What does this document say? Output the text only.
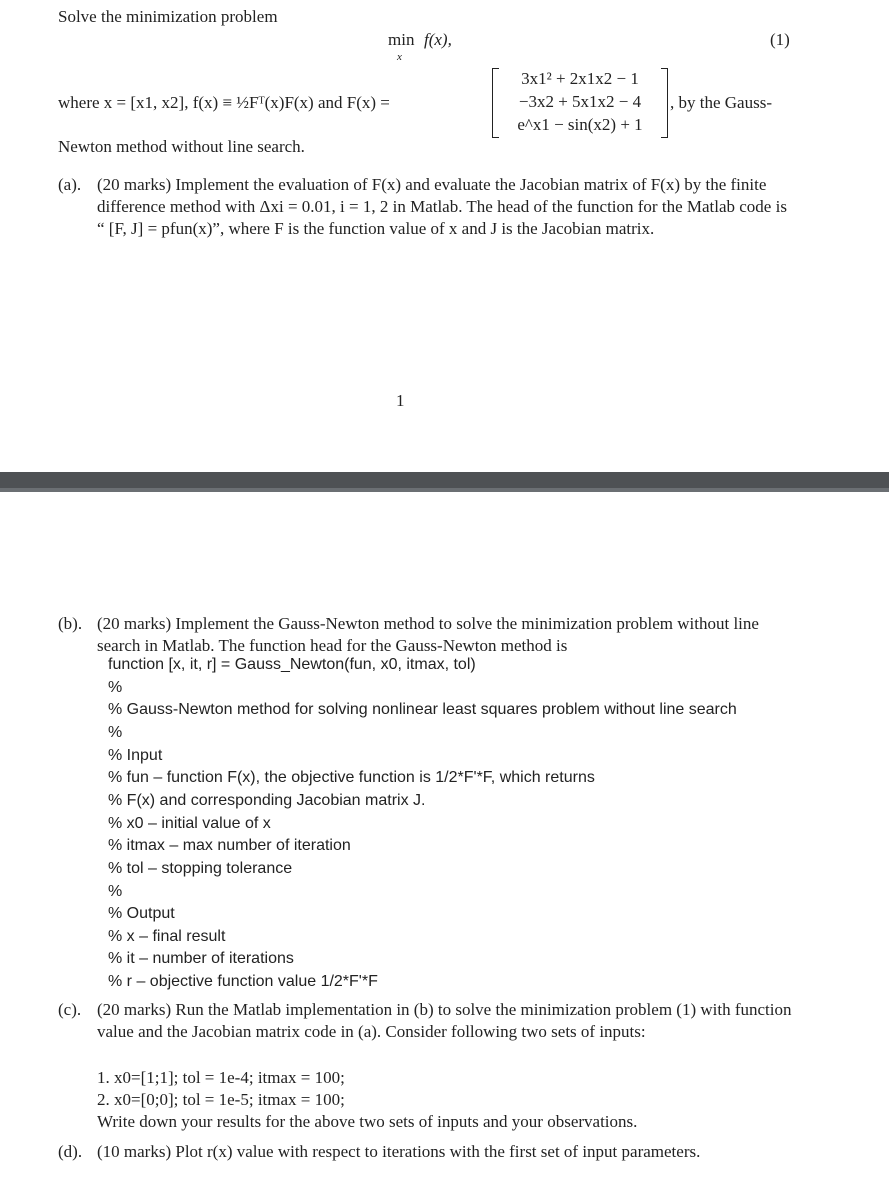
Solve the minimization problem
min
x
f(x),	(1)
where x = [x1, x2], f(x) ≡ ½Fᵀ(x)F(x) and F(x) =
3x1² + 2x1x2 − 1
−3x2 + 5x1x2 − 4
e^x1 − sin(x2) + 1
, by the Gauss-
Newton method without line search.
(a). (20 marks) Implement the evaluation of F(x) and evaluate the Jacobian matrix of F(x) by the finite difference method with Δxi = 0.01, i = 1, 2 in Matlab. The head of the function for the Matlab code is “ [F, J] = pfun(x)”, where F is the function value of x and J is the Jacobian matrix.
1
(b). (20 marks) Implement the Gauss-Newton method to solve the minimization problem without line search in Matlab. The function head for the Gauss-Newton method is
function [x, it, r] = Gauss_Newton(fun, x0, itmax, tol)
%
% Gauss-Newton method for solving nonlinear least squares problem without line search
%
% Input
% fun – function F(x), the objective function is 1/2*F'*F, which returns
% F(x) and corresponding Jacobian matrix J.
% x0 – initial value of x
% itmax – max number of iteration
% tol – stopping tolerance
%
% Output
% x – final result
% it – number of iterations
% r – objective function value 1/2*F'*F
(c). (20 marks) Run the Matlab implementation in (b) to solve the minimization problem (1) with function value and the Jacobian matrix code in (a). Consider following two sets of inputs:
1. x0=[1;1]; tol = 1e-4; itmax = 100;
2. x0=[0;0]; tol = 1e-5; itmax = 100;
Write down your results for the above two sets of inputs and your observations.
(d). (10 marks) Plot r(x) value with respect to iterations with the first set of input parameters.
